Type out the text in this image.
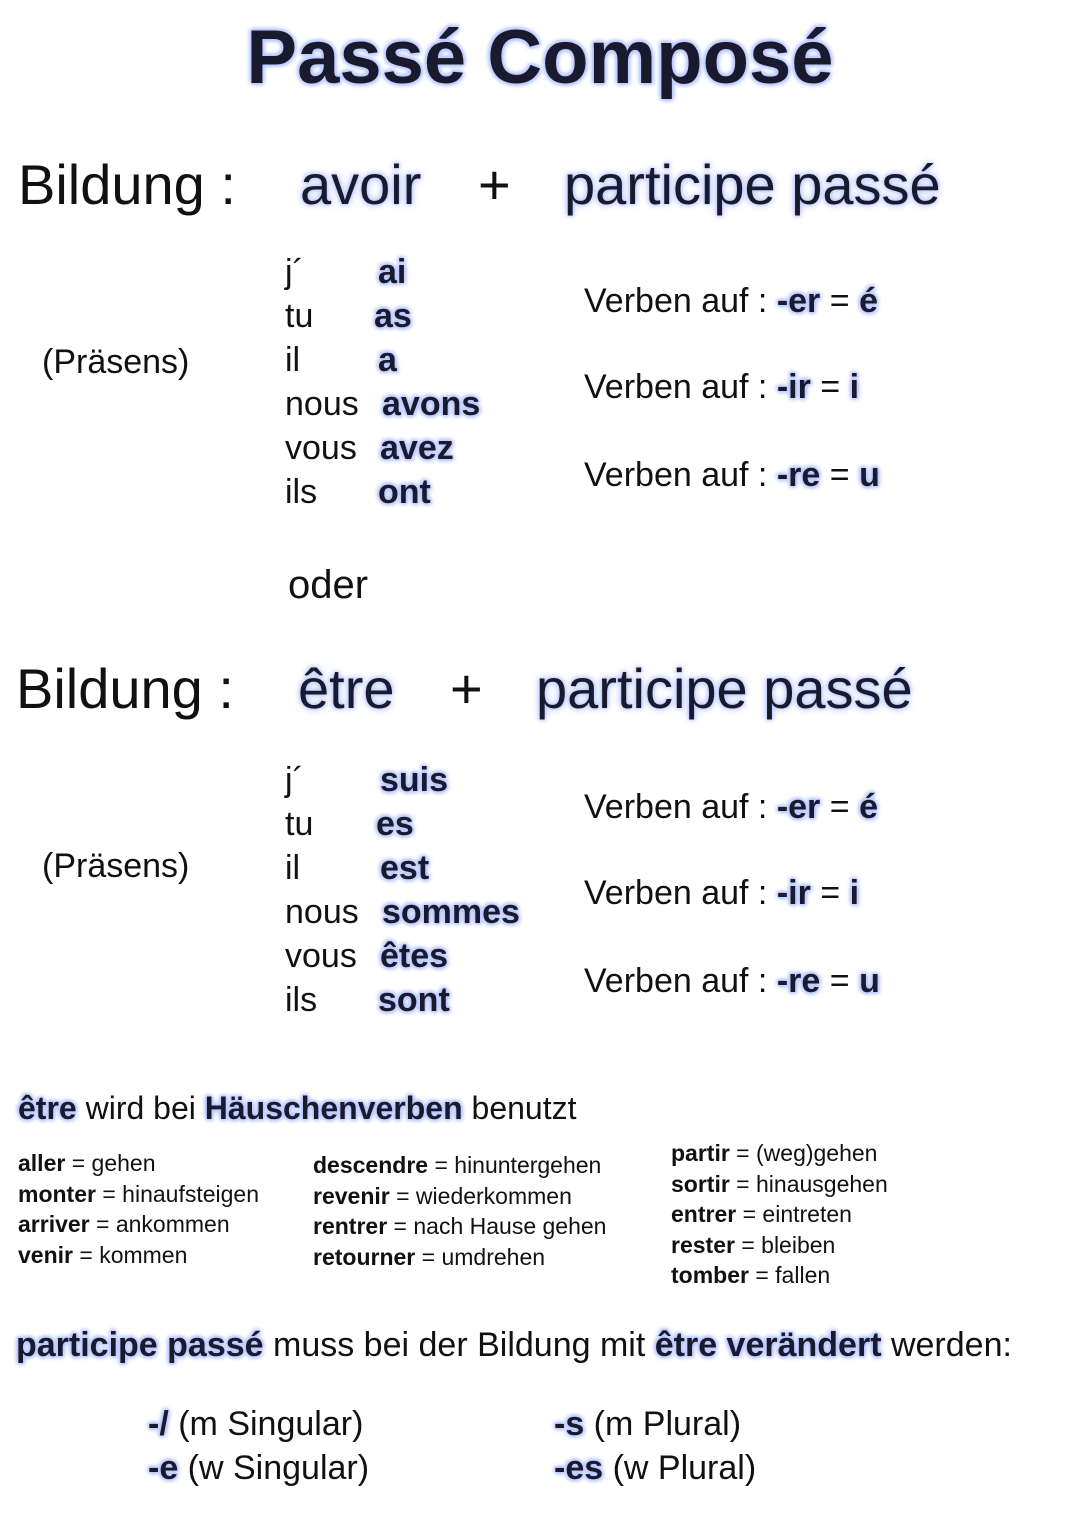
Passé Composé
Bildung : avoir + participe passé
(Präsens)
j´ ai
tu as
il a
nous avons
vous avez
ils ont
Verben auf : -er = é
Verben auf : -ir = i
Verben auf : -re = u
oder
Bildung : être + participe passé
(Präsens)
j´ suis
tu es
il est
nous sommes
vous êtes
ils sont
Verben auf : -er = é
Verben auf : -ir = i
Verben auf : -re = u
être wird bei Häuschenverben benutzt
aller = gehen
monter = hinaufsteigen
arriver = ankommen
venir = kommen
descendre = hinuntergehen
revenir = wiederkommen
rentrer = nach Hause gehen
retourner = umdrehen
partir = (weg)gehen
sortir = hinausgehen
entrer = eintreten
rester = bleiben
tomber = fallen
participe passé muss bei der Bildung mit être verändert werden:
-/ (m Singular)
-e (w Singular)
-s (m Plural)
-es (w Plural)
